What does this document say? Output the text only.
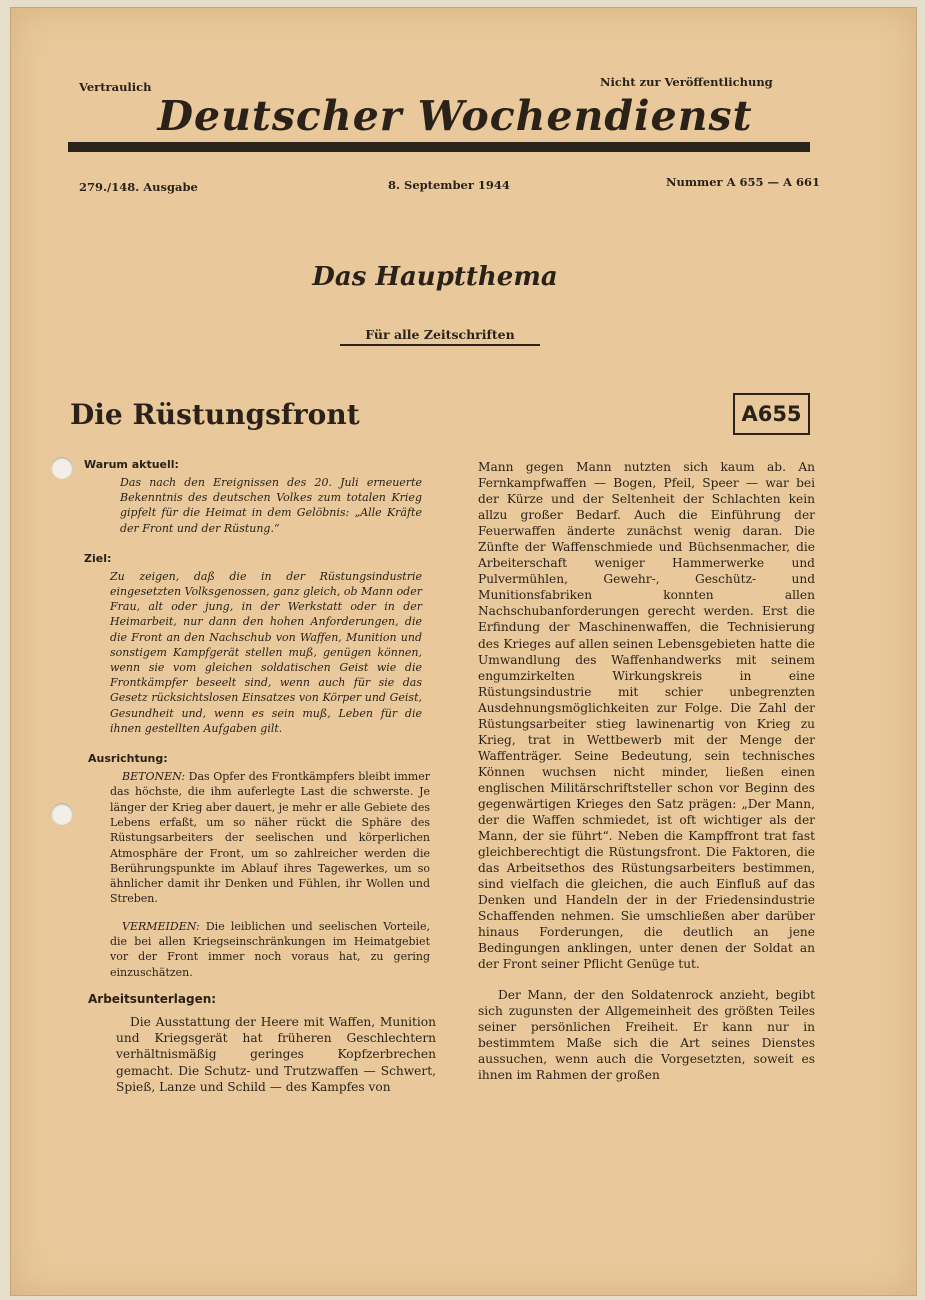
Vertraulich	Nicht zur Veröffentlichung

Deutscher Wochendienst

279./148. Ausgabe	8. September 1944	Nummer A 655 — A 661

Das Hauptthema

Für alle Zeitschriften

Die Rüstungsfront	A655

Warum aktuell:

Das nach den Ereignissen des 20. Juli erneuerte Bekenntnis des deutschen Volkes zum totalen Krieg gipfelt für die Heimat in dem Gelöbnis: „Alle Kräfte der Front und der Rüstung.“

Ziel:

Zu zeigen, daß die in der Rüstungsindustrie eingesetzten Volksgenossen, ganz gleich, ob Mann oder Frau, alt oder jung, in der Werkstatt oder in der Heimarbeit, nur dann den hohen Anforderungen, die die Front an den Nachschub von Waffen, Munition und sonstigem Kampfgerät stellen muß, genügen können, wenn sie vom gleichen soldatischen Geist wie die Frontkämpfer beseelt sind, wenn auch für sie das Gesetz rücksichtslosen Einsatzes von Körper und Geist, Gesundheit und, wenn es sein muß, Leben für die ihnen gestellten Aufgaben gilt.

Ausrichtung:

BETONEN: Das Opfer des Frontkämpfers bleibt immer das höchste, die ihm auferlegte Last die schwerste. Je länger der Krieg aber dauert, je mehr er alle Gebiete des Lebens erfaßt, um so näher rückt die Sphäre des Rüstungsarbeiters der seelischen und körperlichen Atmosphäre der Front, um so zahlreicher werden die Berührungspunkte im Ablauf ihres Tagewerkes, um so ähnlicher damit ihr Denken und Fühlen, ihr Wollen und Streben.

VERMEIDEN: Die leiblichen und seelischen Vorteile, die bei allen Kriegseinschränkungen im Heimatgebiet vor der Front immer noch voraus hat, zu gering einzuschätzen.

Arbeitsunterlagen:

Die Ausstattung der Heere mit Waffen, Munition und Kriegsgerät hat früheren Geschlechtern verhältnismäßig geringes Kopfzerbrechen gemacht. Die Schutz- und Trutzwaffen — Schwert, Spieß, Lanze und Schild — des Kampfes von

Mann gegen Mann nutzten sich kaum ab. An Fernkampfwaffen — Bogen, Pfeil, Speer — war bei der Kürze und der Seltenheit der Schlachten kein allzu großer Bedarf. Auch die Einführung der Feuerwaffen änderte zunächst wenig daran. Die Zünfte der Waffenschmiede und Büchsenmacher, die Arbeiterschaft weniger Hammerwerke und Pulvermühlen, Gewehr-, Geschütz- und Munitionsfabriken konnten allen Nachschubanforderungen gerecht werden. Erst die Erfindung der Maschinenwaffen, die Technisierung des Krieges auf allen seinen Lebensgebieten hatte die Umwandlung des Waffenhandwerks mit seinem engumzirkelten Wirkungskreis in eine Rüstungsindustrie mit schier unbegrenzten Ausdehnungsmöglichkeiten zur Folge. Die Zahl der Rüstungsarbeiter stieg lawinenartig von Krieg zu Krieg, trat in Wettbewerb mit der Menge der Waffenträger. Seine Bedeutung, sein technisches Können wuchsen nicht minder, ließen einen englischen Militärschriftsteller schon vor Beginn des gegenwärtigen Krieges den Satz prägen: „Der Mann, der die Waffen schmiedet, ist oft wichtiger als der Mann, der sie führt“. Neben die Kampffront trat fast gleichberechtigt die Rüstungsfront. Die Faktoren, die das Arbeitsethos des Rüstungsarbeiters bestimmen, sind vielfach die gleichen, die auch Einfluß auf das Denken und Handeln der in der Friedensindustrie Schaffenden nehmen. Sie umschließen aber darüber hinaus Forderungen, die deutlich an jene Bedingungen anklingen, unter denen der Soldat an der Front seiner Pflicht Genüge tut.

Der Mann, der den Soldatenrock anzieht, begibt sich zugunsten der Allgemeinheit des größten Teiles seiner persönlichen Freiheit. Er kann nur in bestimmtem Maße sich die Art seines Dienstes aussuchen, wenn auch die Vorgesetzten, soweit es ihnen im Rahmen der großen
